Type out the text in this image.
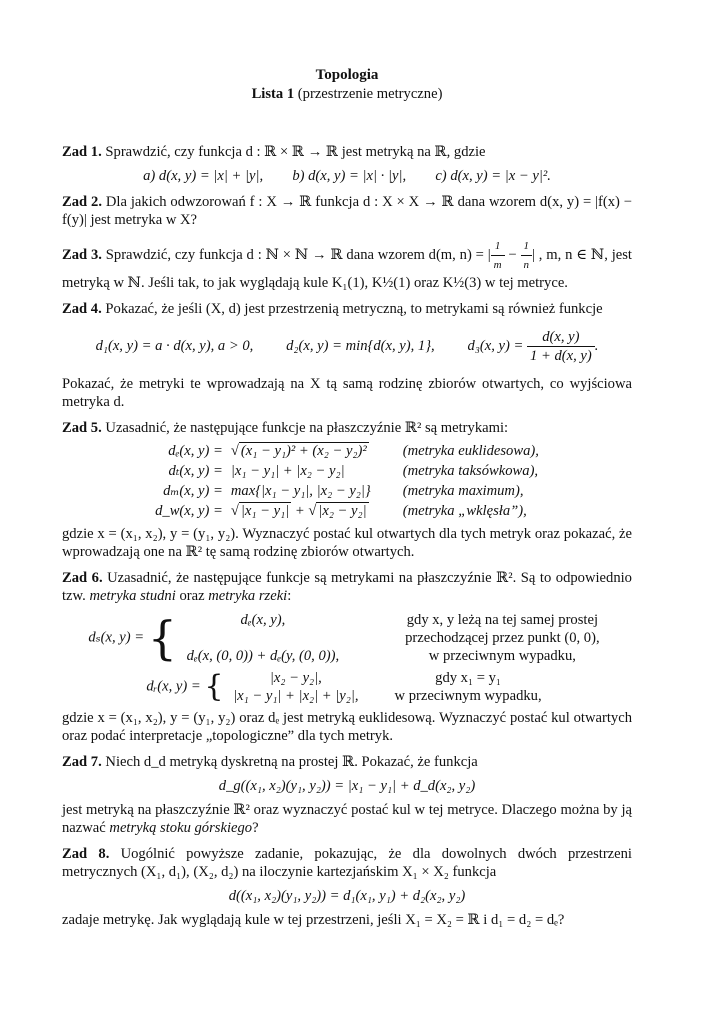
Topologia
Lista 1 (przestrzenie metryczne)
Zad 1. Sprawdzić, czy funkcja d : ℝ × ℝ → ℝ jest metryką na ℝ, gdzie
a) d(x, y) = |x| + |y|, b) d(x, y) = |x| · |y|, c) d(x, y) = |x − y|².
Zad 2. Dla jakich odwzorowań f : X → ℝ funkcja d : X × X → ℝ dana wzorem d(x, y) = |f(x) − f(y)| jest metryka w X?
Zad 3. Sprawdzić, czy funkcja d : ℕ × ℕ → ℝ dana wzorem d(m, n) = | $\frac{1}{m} - \frac{1}{n}$ | , m, n ∈ ℕ, jest metryką w ℕ. Jeśli tak, to jak wyglądają kule K₁(1), K½(1) oraz K½(3) w tej metryce.
Zad 4. Pokazać, że jeśli (X, d) jest przestrzenią metryczną, to metrykami są również funkcje
d₁(x, y) = a · d(x, y), a > 0, d₂(x, y) = min{d(x, y), 1}, d₃(x, $y) = \frac{d(x, y)}{1 + d(x, y)}$ .
Pokazać, że metryki te wprowadzają na X tą samą rodzinę zbiorów otwartych, co wyjściowa metryka d.
Zad 5. Uzasadnić, że następujące funkcje na płaszczyźnie ℝ² są metrykami:
dₑ(x, y) =	√ (x₁ − y₁)² + (x₂ − y₂)²	(metryka euklidesowa),
dₜ(x, y) =	|x₁ − y₁| + |x₂ − y₂|	(metryka taksówkowa),
dₘ(x, y) =	max{|x₁ − y₁|, |x₂ − y₂|}	(metryka maximum),
d_w(x, y) =	√ |x₁ − y₁| + √ |x₂ − y₂|	(metryka „wklęsła”),
gdzie x = (x₁, x₂), y = (y₁, y₂). Wyznaczyć postać kul otwartych dla tych metryk oraz pokazać, że wprowadzają one na ℝ² tę samą rodzinę zbiorów otwartych.
Zad 6. Uzasadnić, że następujące funkcje są metrykami na płaszczyźnie ℝ². Są to odpowiednio tzw. metryka studni oraz metryka rzeki:
dₛ(x, y) = {	dₑ(x, y),	gdy x, y leżą na tej samej prostej
	przechodzącej przez punkt (0, 0),
dₑ(x, (0, 0)) + dₑ(y, (0, 0)),	w przeciwnym wypadku,
dᵣ(x, y) = {	|x₂ − y₂|,	gdy x₁ = y₁
|x₁ − y₁| + |x₂| + |y₂|,	w przeciwnym wypadku,
gdzie x = (x₁, x₂), y = (y₁, y₂) oraz dₑ jest metryką euklidesową. Wyznaczyć postać kul otwartych oraz podać interpretacje „topologiczne” dla tych metryk.
Zad 7. Niech d_d metryką dyskretną na prostej ℝ. Pokazać, że funkcja
d_g((x₁, x₂)(y₁, y₂)) = |x₁ − y₁| + d_d(x₂, y₂)
jest metryką na płaszczyźnie ℝ² oraz wyznaczyć postać kul w tej metryce. Dlaczego można by ją nazwać metryką stoku górskiego?
Zad 8. Uogólnić powyższe zadanie, pokazując, że dla dowolnych dwóch przestrzeni metrycznych (X₁, d₁), (X₂, d₂) na iloczynie kartezjańskim X₁ × X₂ funkcja
d((x₁, x₂)(y₁, y₂)) = d₁(x₁, y₁) + d₂(x₂, y₂)
zadaje metrykę. Jak wyglądają kule w tej przestrzeni, jeśli X₁ = X₂ = ℝ i d₁ = d₂ = dₑ?
